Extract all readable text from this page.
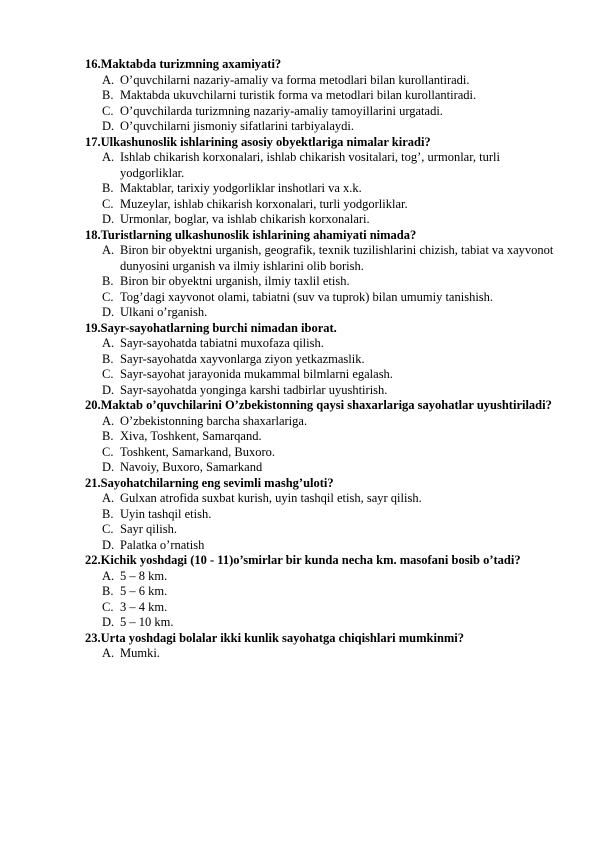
16.Maktabda turizmning axamiyati?

A. O’quvchilarni nazariy-amaliy va forma metodlari bilan kurollantiradi.
B. Maktabda ukuvchilarni turistik forma va metodlari bilan kurollantiradi.
C. O’quvchilarda turizmning nazariy-amaliy tamoyillarini urgatadi.
D. O’quvchilarni jismoniy sifatlarini tarbiyalaydi.

17.Ulkashunoslik ishlarining asosiy obyektlariga nimalar kiradi?

A. Ishlab chikarish korxonalari, ishlab chikarish vositalari, tog’, urmonlar, turli yodgorliklar.
B. Maktablar, tarixiy yodgorliklar inshotlari va x.k.
C. Muzeylar, ishlab chikarish korxonalari, turli yodgorliklar.
D. Urmonlar, boglar, va ishlab chikarish korxonalari.

18.Turistlarning ulkashunoslik ishlarining ahamiyati nimada?

A. Biron bir obyektni urganish, geografik, texnik tuzilishlarini chizish, tabiat va xayvonot dunyosini urganish va ilmiy ishlarini olib borish.
B. Biron bir obyektni urganish, ilmiy taxlil etish.
C. Tog’dagi xayvonot olami, tabiatni (suv va tuprok) bilan umumiy tanishish.
D. Ulkani o’rganish.

19.Sayr-sayohatlarning burchi nimadan iborat.

A. Sayr-sayohatda tabiatni muxofaza qilish.
B. Sayr-sayohatda xayvonlarga ziyon yetkazmaslik.
C. Sayr-sayohat jarayonida mukammal bilmlarni egalash.
D. Sayr-sayohatda yonginga karshi tadbirlar uyushtirish.

20.Maktab o’quvchilarini O’zbekistonning qaysi shaxarlariga sayohatlar uyushtiriladi?

A. O’zbekistonning barcha shaxarlariga.
B. Xiva, Toshkent, Samarqand.
C. Toshkent, Samarkand, Buxoro.
D. Navoiy, Buxoro, Samarkand

21.Sayohatchilarning eng sevimli mashg’uloti?

A. Gulxan atrofida suxbat kurish, uyin tashqil etish, sayr qilish.
B. Uyin tashqil etish.
C. Sayr qilish.
D. Palatka o’rnatish

22.Kichik yoshdagi (10 - 11)o’smirlar bir kunda necha km. masofani bosib o’tadi?

A. 5 – 8 km.
B. 5 – 6 km.
C. 3 – 4 km.
D. 5 – 10 km.

23.Urta yoshdagi bolalar ikki kunlik sayohatga chiqishlari mumkinmi?

A. Mumki.
